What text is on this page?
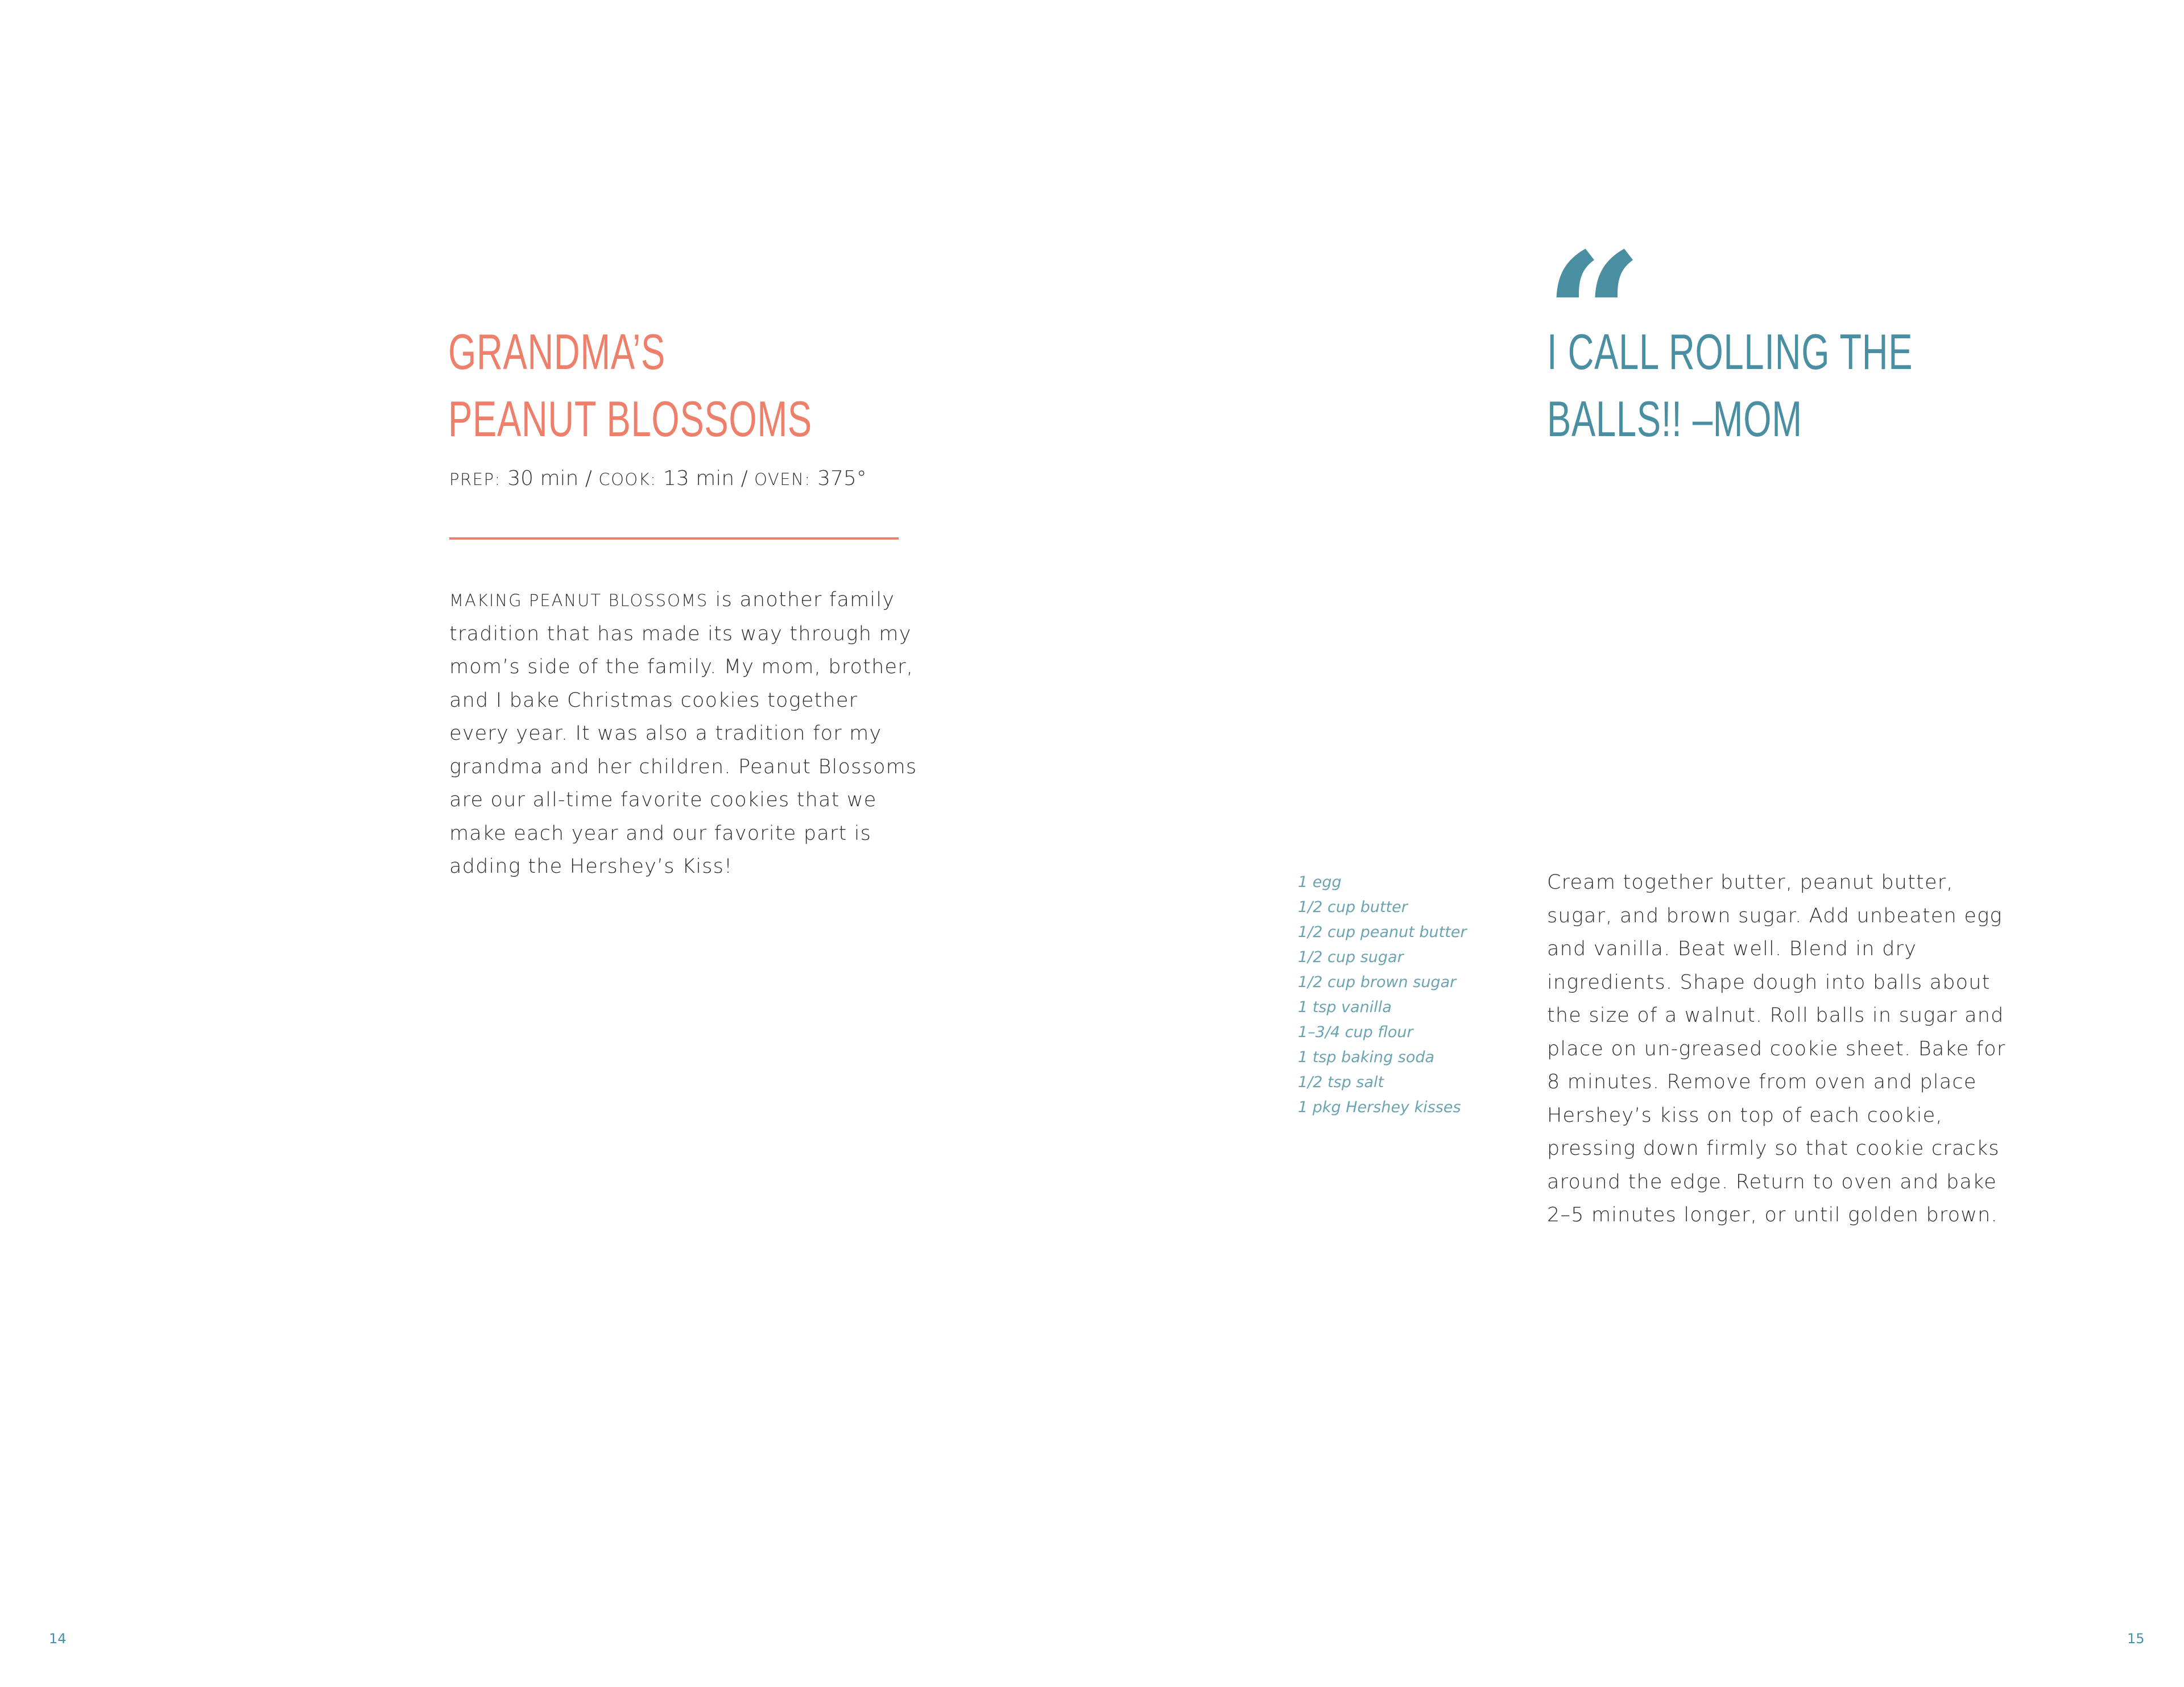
GRANDMA’S
PEANUT BLOSSOMS
PREP: 30 min / COOK: 13 min / OVEN: 375°

MAKING PEANUT BLOSSOMS is another family tradition that has made its way through my mom’s side of the family. My mom, brother, and I bake Christmas cookies together every year. It was also a tradition for my grandma and her children. Peanut Blossoms are our all-time favorite cookies that we make each year and our favorite part is adding the Hershey’s Kiss!

14
“
I CALL ROLLING THE
BALLS!! –MOM
1 egg
1/2 cup butter
1/2 cup peanut butter
1/2 cup sugar
1/2 cup brown sugar
1 tsp vanilla
1–3/4 cup flour
1 tsp baking soda
1/2 tsp salt
1 pkg Hershey kisses

Cream together butter, peanut butter, sugar, and brown sugar. Add unbeaten egg and vanilla. Beat well. Blend in dry ingredients. Shape dough into balls about the size of a walnut. Roll balls in sugar and place on un-greased cookie sheet. Bake for 8 minutes. Remove from oven and place Hershey’s kiss on top of each cookie, pressing down firmly so that cookie cracks around the edge. Return to oven and bake 2–5 minutes longer, or until golden brown.

15
